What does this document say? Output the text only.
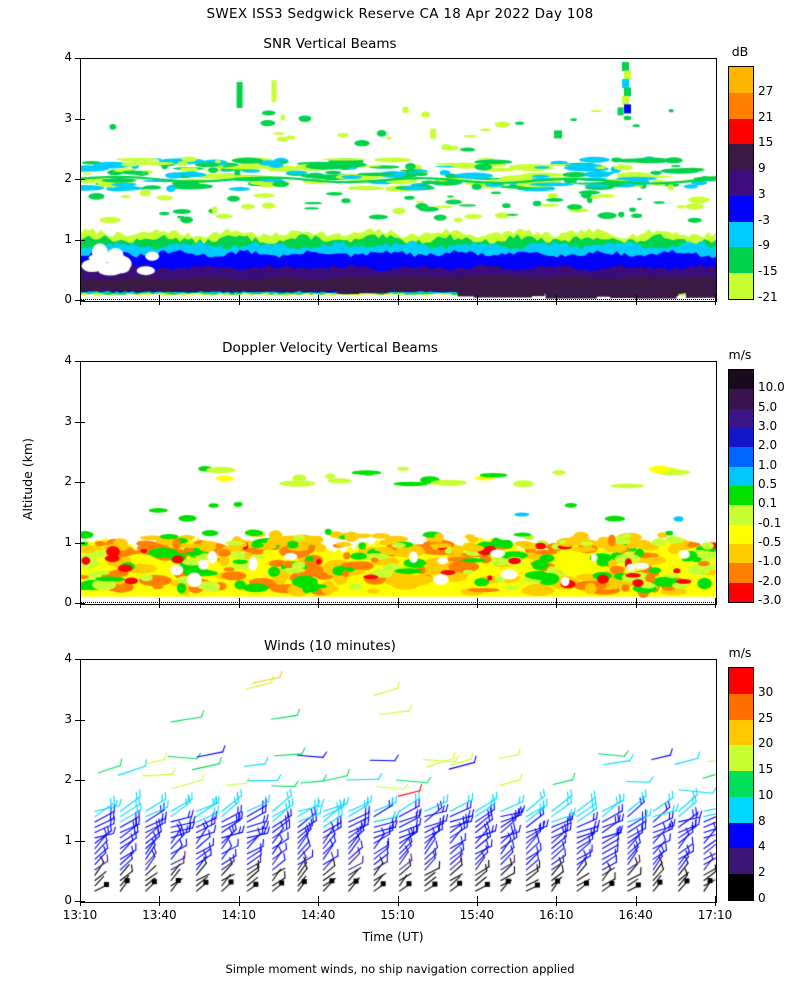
SWEX ISS3 Sedgwick Reserve CA 18 Apr 2022 Day 108
SNR Vertical Beams
Doppler Velocity Vertical Beams
Winds (10 minutes)
Altitude (km)
Time (UT)
Simple moment winds, no ship navigation correction applied
0
1
2
3
4
0
1
2
3
4
0
1
2
3
4
13:10	13:40	14:10	14:40	15:10	15:40	16:10	16:40	17:10
dB
27
21
15
9
3
-3
-9
-15
-21
m/s
10.0
5.0
3.0
2.0
1.0
0.5
0.1
-0.1
-0.5
-1.0
-2.0
-3.0
m/s
30
25
20
15
10
8
4
2
0
